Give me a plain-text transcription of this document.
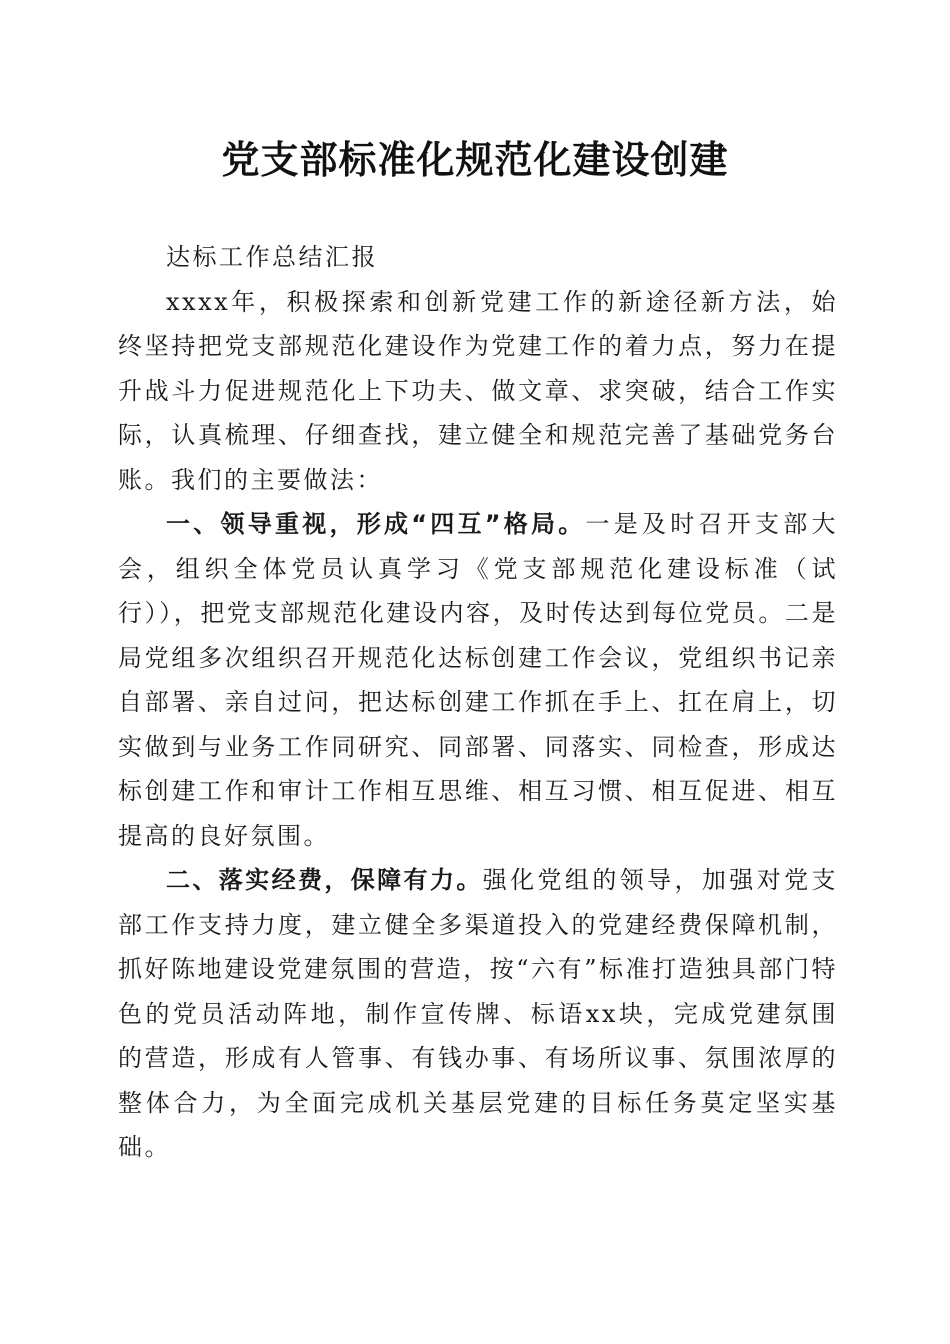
党支部标准化规范化建设创建

达标工作总结汇报

xxxx年，积极探索和创新党建工作的新途径新方法，始终坚持把党支部规范化建设作为党建工作的着力点，努力在提升战斗力促进规范化上下功夫、做文章、求突破，结合工作实际，认真梳理、仔细查找，建立健全和规范完善了基础党务台账。我们的主要做法：

一、领导重视，形成“四互”格局。一是及时召开支部大会，组织全体党员认真学习《党支部规范化建设标准（试行）），把党支部规范化建设内容，及时传达到每位党员。二是局党组多次组织召开规范化达标创建工作会议，党组织书记亲自部署、亲自过问，把达标创建工作抓在手上、扛在肩上，切实做到与业务工作同研究、同部署、同落实、同检查，形成达标创建工作和审计工作相互思维、相互习惯、相互促进、相互提高的良好氛围。

二、落实经费，保障有力。强化党组的领导，加强对党支部工作支持力度，建立健全多渠道投入的党建经费保障机制，抓好陈地建设党建氛围的营造，按“六有”标准打造独具部门特色的党员活动阵地，制作宣传牌、标语xx块，完成党建氛围的营造，形成有人管事、有钱办事、有场所议事、氛围浓厚的整体合力，为全面完成机关基层党建的目标任务莫定坚实基础。
